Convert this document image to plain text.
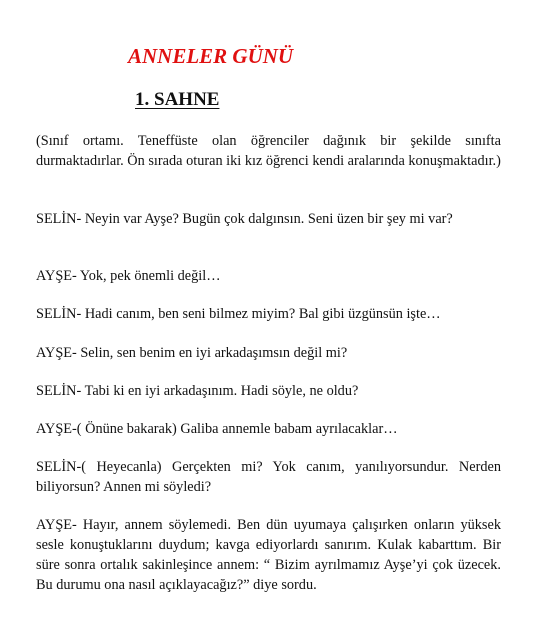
ANNELER GÜNÜ
1. SAHNE

(Sınıf ortamı. Teneffüste olan öğrenciler dağınık bir şekilde sınıfta durmaktadırlar. Ön sırada oturan iki kız öğrenci kendi aralarında konuşmaktadır.)

SELİN- Neyin var Ayşe? Bugün çok dalgınsın. Seni üzen bir şey mi var?

AYŞE- Yok, pek önemli değil…

SELİN- Hadi canım, ben seni bilmez miyim? Bal gibi üzgünsün işte…

AYŞE- Selin, sen benim en iyi arkadaşımsın değil mi?

SELİN- Tabi ki en iyi arkadaşınım. Hadi söyle, ne oldu?

AYŞE-( Önüne bakarak) Galiba annemle babam ayrılacaklar…

SELİN-( Heyecanla) Gerçekten mi? Yok canım, yanılıyorsundur. Nerden biliyorsun? Annen mi söyledi?

AYŞE- Hayır, annem söylemedi. Ben dün uyumaya çalışırken onların yüksek sesle konuştuklarını duydum; kavga ediyorlardı sanırım. Kulak kabarttım. Bir süre sonra ortalık sakinleşince annem: “ Bizim ayrılmamız Ayşe’yi çok üzecek. Bu durumu ona nasıl açıklayacağız?” diye sordu.
